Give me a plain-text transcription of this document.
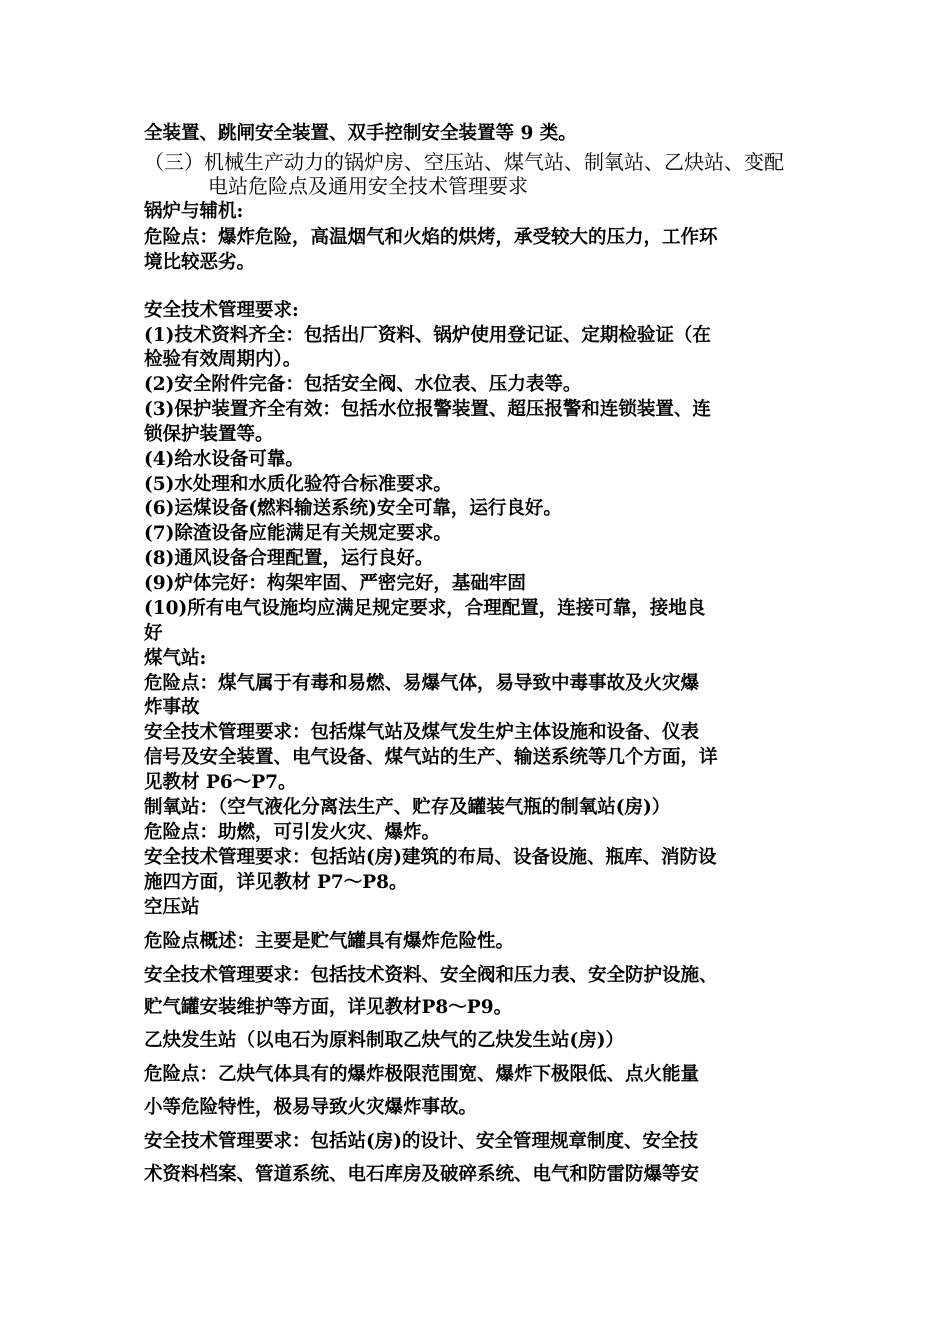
全装置、跳闸安全装置、双手控制安全装置等 9 类。
（三）机械生产动力的锅炉房、空压站、煤气站、制氧站、乙炔站、变配
电站危险点及通用安全技术管理要求
锅炉与辅机:
危险点：爆炸危险，高温烟气和火焰的烘烤，承受较大的压力，工作环
境比较恶劣。
安全技术管理要求:
(1)技术资料齐全：包括出厂资料、锅炉使用登记证、定期检验证（在
检验有效周期内）。
(2)安全附件完备：包括安全阀、水位表、压力表等。
(3)保护装置齐全有效：包括水位报警装置、超压报警和连锁装置、连
锁保护装置等。
(4)给水设备可靠。
(5)水处理和水质化验符合标准要求。
(6)运煤设备(燃料输送系统)安全可靠，运行良好。
(7)除渣设备应能满足有关规定要求。
(8)通风设备合理配置，运行良好。
(9)炉体完好：构架牢固、严密完好，基础牢固
(10)所有电气设施均应满足规定要求，合理配置，连接可靠，接地良
好
煤气站:
危险点：煤气属于有毒和易燃、易爆气体，易导致中毒事故及火灾爆
炸事故
安全技术管理要求：包括煤气站及煤气发生炉主体设施和设备、仪表
信号及安全装置、电气设备、煤气站的生产、输送系统等几个方面，详
见教材 P6～P7。
制氧站：（空气液化分离法生产、贮存及罐装气瓶的制氧站(房)）
危险点：助燃，可引发火灾、爆炸。
安全技术管理要求：包括站(房)建筑的布局、设备设施、瓶库、消防设
施四方面，详见教材 P7～P8。
空压站
危险点概述：主要是贮气罐具有爆炸危险性。
安全技术管理要求：包括技术资料、安全阀和压力表、安全防护设施、
贮气罐安装维护等方面，详见教材P8～P9。
乙炔发生站（以电石为原料制取乙炔气的乙炔发生站(房)）
危险点：乙炔气体具有的爆炸极限范围宽、爆炸下极限低、点火能量
小等危险特性，极易导致火灾爆炸事故。
安全技术管理要求：包括站(房)的设计、安全管理规章制度、安全技
术资料档案、管道系统、电石库房及破碎系统、电气和防雷防爆等安
